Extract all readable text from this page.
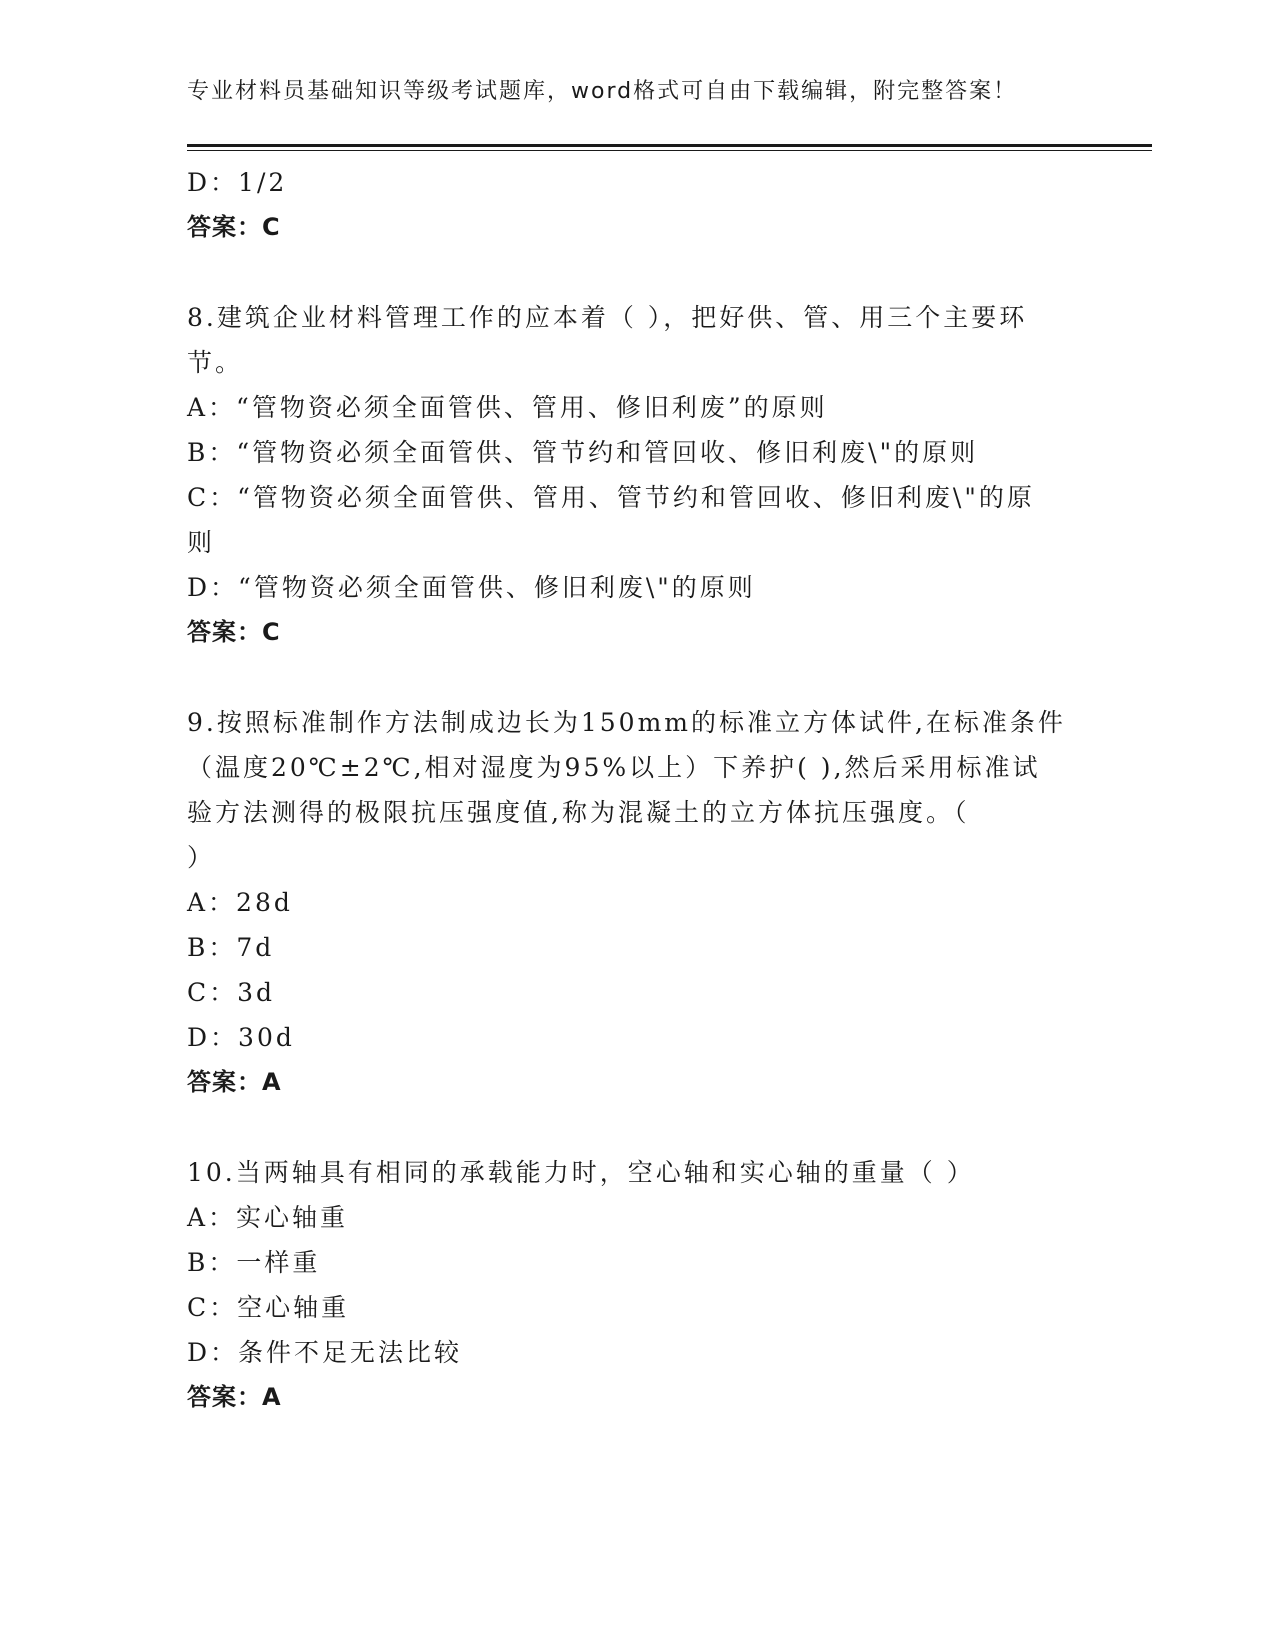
专业材料员基础知识等级考试题库，word格式可自由下载编辑，附完整答案！
D：1/2
答案：C
8.建筑企业材料管理工作的应本着（ ），把好供、管、用三个主要环
节。
A：“管物资必须全面管供、管用、修旧利废”的原则
B：“管物资必须全面管供、管节约和管回收、修旧利废\"的原则
C：“管物资必须全面管供、管用、管节约和管回收、修旧利废\"的原
则
D：“管物资必须全面管供、修旧利废\"的原则
答案：C
9.按照标准制作方法制成边长为150mm的标准立方体试件,在标准条件
（温度20℃±2℃,相对湿度为95%以上）下养护( ),然后采用标准试
验方法测得的极限抗压强度值,称为混凝土的立方体抗压强度。（
）
A：28d
B：7d
C：3d
D：30d
答案：A
10.当两轴具有相同的承载能力时，空心轴和实心轴的重量（ ）
A：实心轴重
B：一样重
C：空心轴重
D：条件不足无法比较
答案：A
